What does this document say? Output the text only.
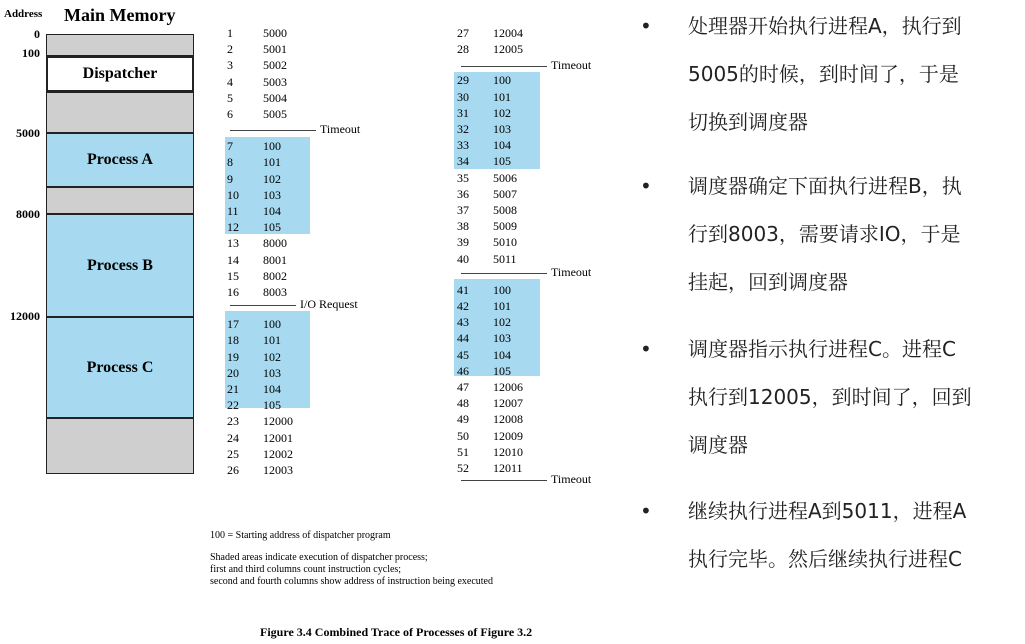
Address Main Memory
0
100
5000
8000
12000
Dispatcher
Process A
Process B
Process C
Timeout
I/O Request
Timeout
Timeout
Timeout
1	5000
2	5001
3	5002
4	5003
5	5004
6	5005
7	100
8	101
9	102
10 103
11 104
12 105
13 8000
14 8001
15 8002
16 8003
17 100
18 101
19 102
20 103
21 104
22 105
23 12000
24 12001
25 12002
26 12003
27 12004
28 12005
29 100
30 101
31 102
32 103
33 104
34 105
35 5006
36 5007
37 5008
38 5009
39 5010
40 5011
41 100
42 101
43 102
44 103
45 104
46 105
47 12006
48 12007
49 12008
50 12009
51 12010
52 12011
100 = Starting address of dispatcher program
Shaded areas indicate execution of dispatcher process;
first and third columns count instruction cycles;
second and fourth columns show address of instruction being executed
Figure 3.4 Combined Trace of Processes of Figure 3.2
• 处理器开始执行进程A，执行到
5005的时候，到时间了，于是
切换到调度器
• 调度器确定下面执行进程B，执
行到8003，需要请求IO，于是
挂起，回到调度器
• 调度器指示执行进程C。进程C
执行到12005，到时间了，回到
调度器
• 继续执行进程A到5011，进程A
执行完毕。然后继续执行进程C
